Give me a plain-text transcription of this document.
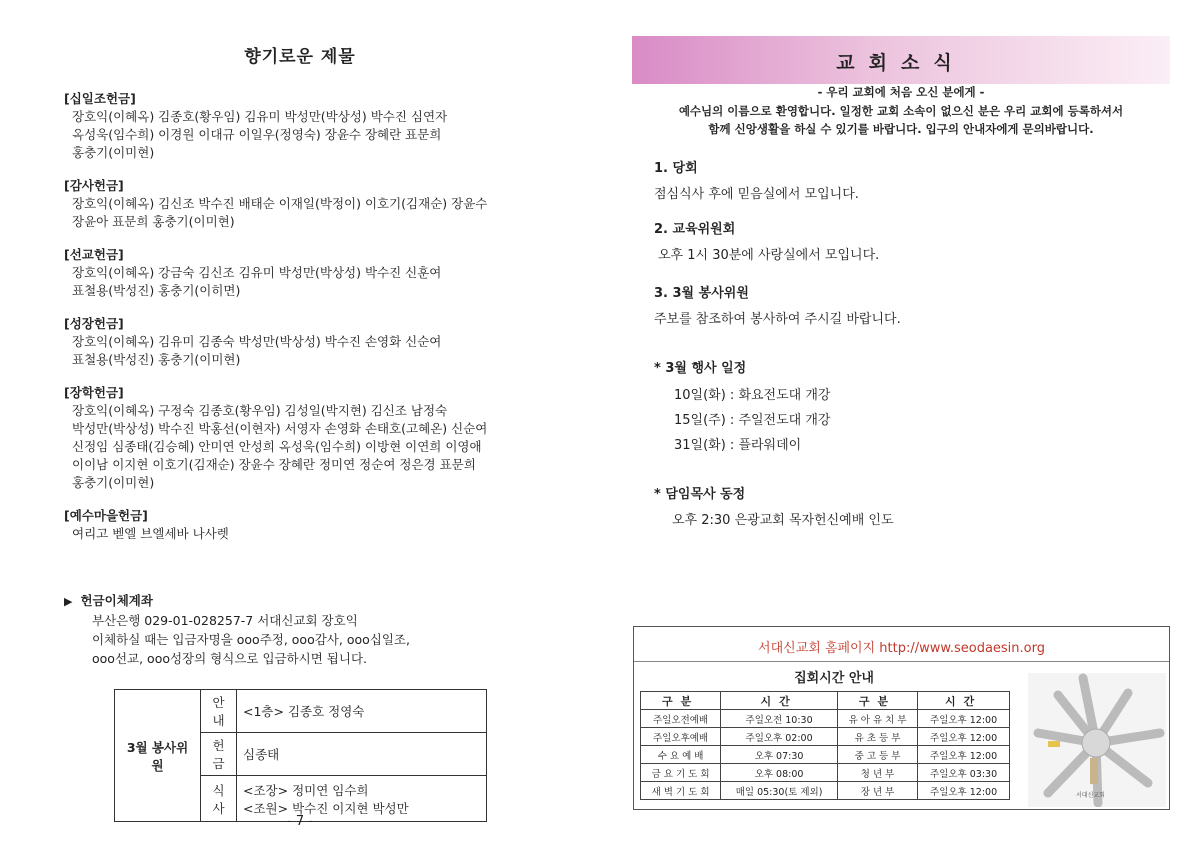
향기로운 제물
[십일조헌금]
장호익(이혜옥) 김종호(황우임) 김유미 박성만(박상성) 박수진 심연자
옥성욱(임수희) 이경원 이대규 이일우(정영숙) 장윤수 장혜란 표문희
홍충기(이미현)
[감사헌금]
장호익(이혜옥) 김신조 박수진 배태순 이재일(박정이) 이호기(김재순) 장윤수
장윤아 표문희 홍충기(이미현)
[선교헌금]
장호익(이혜옥) 강금숙 김신조 김유미 박성만(박상성) 박수진 신훈여
표철용(박성진) 홍충기(이히면)
[성장헌금]
장호익(이혜옥) 김유미 김종숙 박성만(박상성) 박수진 손영화 신순여
표철용(박성진) 홍충기(이미현)
[장학헌금]
장호익(이혜옥) 구정숙 김종호(황우임) 김성일(박지현) 김신조 남정숙
박성만(박상성) 박수진 박홍선(이현자) 서영자 손영화 손태호(고혜온) 신순여
신정임 심종태(김승혜) 안미연 안성희 옥성욱(임수희) 이방현 이연희 이영애
이이남 이지현 이호기(김재순) 장윤수 장혜란 정미연 정순여 정은경 표문희
홍충기(이미현)
[예수마을헌금]
여리고 벧엘 브엘세바 나사렛
▶ 헌금이체계좌
부산은행 029-01-028257-7 서대신교회 장호익
이체하실 때는 입금자명을 ooo주정, ooo감사, ooo십일조,
ooo선교, ooo성장의 형식으로 입금하시면 됩니다.
3월 봉사위원	안내	<1층> 김종호 정영숙
	헌금	심종태
	식사	<조장> 정미연 임수희
<조원> 박수진 이지현 박성만
- 7 -
교회소식
- 우리 교회에 처음 오신 분에게 -
예수님의 이름으로 환영합니다. 일정한 교회 소속이 없으신 분은 우리 교회에 등록하셔서
함께 신앙생활을 하실 수 있기를 바랍니다. 입구의 안내자에게 문의바랍니다.
1. 당회
점심식사 후에 믿음실에서 모입니다.
2. 교육위원회
오후 1시 30분에 사랑실에서 모입니다.
3. 3월 봉사위원
주보를 참조하여 봉사하여 주시길 바랍니다.
* 3월 행사 일정
10일(화) : 화요전도대 개강
15일(주) : 주일전도대 개강
31일(화) : 플라워데이
* 담임목사 동정
오후 2:30 은광교회 목자헌신예배 인도
서대신교회 홈페이지 http://www.seodaesin.org
집회시간 안내
구분	시간	구분	시간
주일오전예배	주일오전 10:30	유 아 유 치 부	주일오후 12:00
주일오후예배	주일오후 02:00	유 초 등 부	주일오후 12:00
수 요 예 배	오후 07:30	중 고 등 부	주일오후 12:00
금 요 기 도 회	오후 08:00	청 년 부	주일오후 03:30
새 벽 기 도 회	매일 05:30(토 제외)	장 년 부	주일오후 12:00	서대신교회
